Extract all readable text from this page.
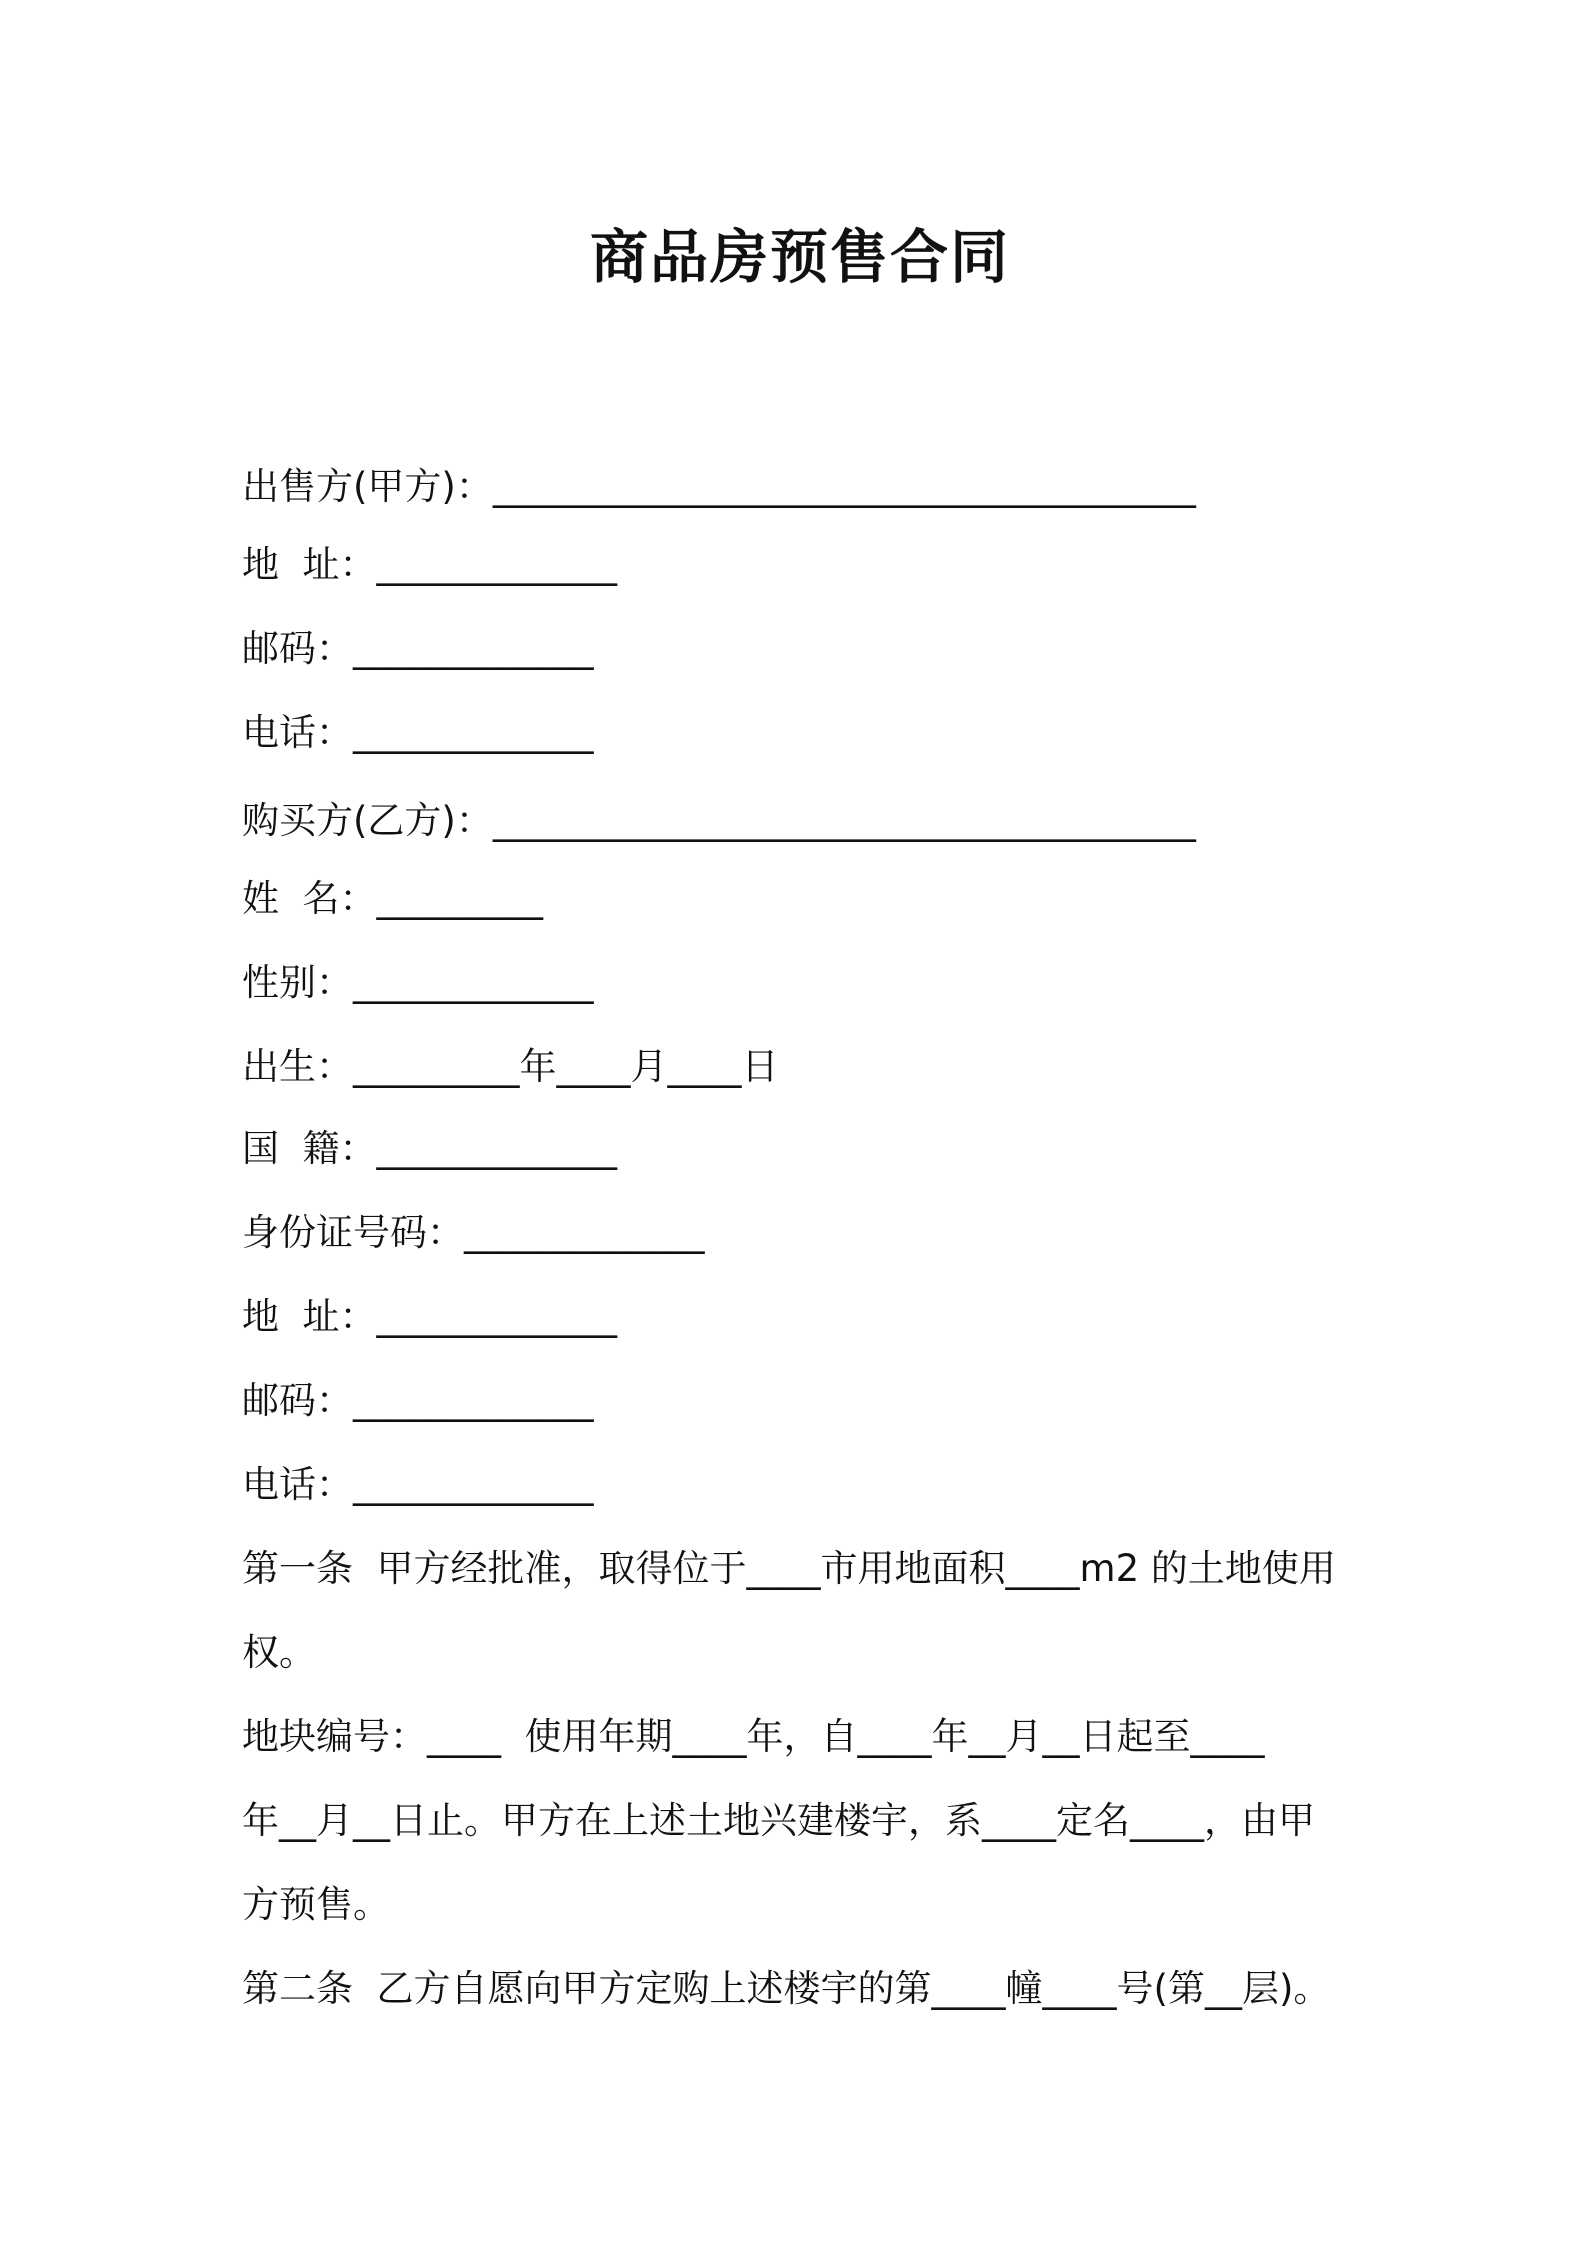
商品房预售合同
出售方(甲方)：______________________________________
地  址：_____________
邮码：_____________
电话：_____________
购买方(乙方)：______________________________________
姓  名：_________
性别：_____________
出生：_________年____月____日
国  籍：_____________
身份证号码：_____________
地  址：_____________
邮码：_____________
电话：_____________
第一条  甲方经批准，取得位于____市用地面积____m2 的土地使用
权。
地块编号：____  使用年期____年，自____年__月__日起至____
年__月__日止。甲方在上述土地兴建楼宇，系____定名____，由甲
方预售。
第二条  乙方自愿向甲方定购上述楼宇的第____幢____号(第__层)。
